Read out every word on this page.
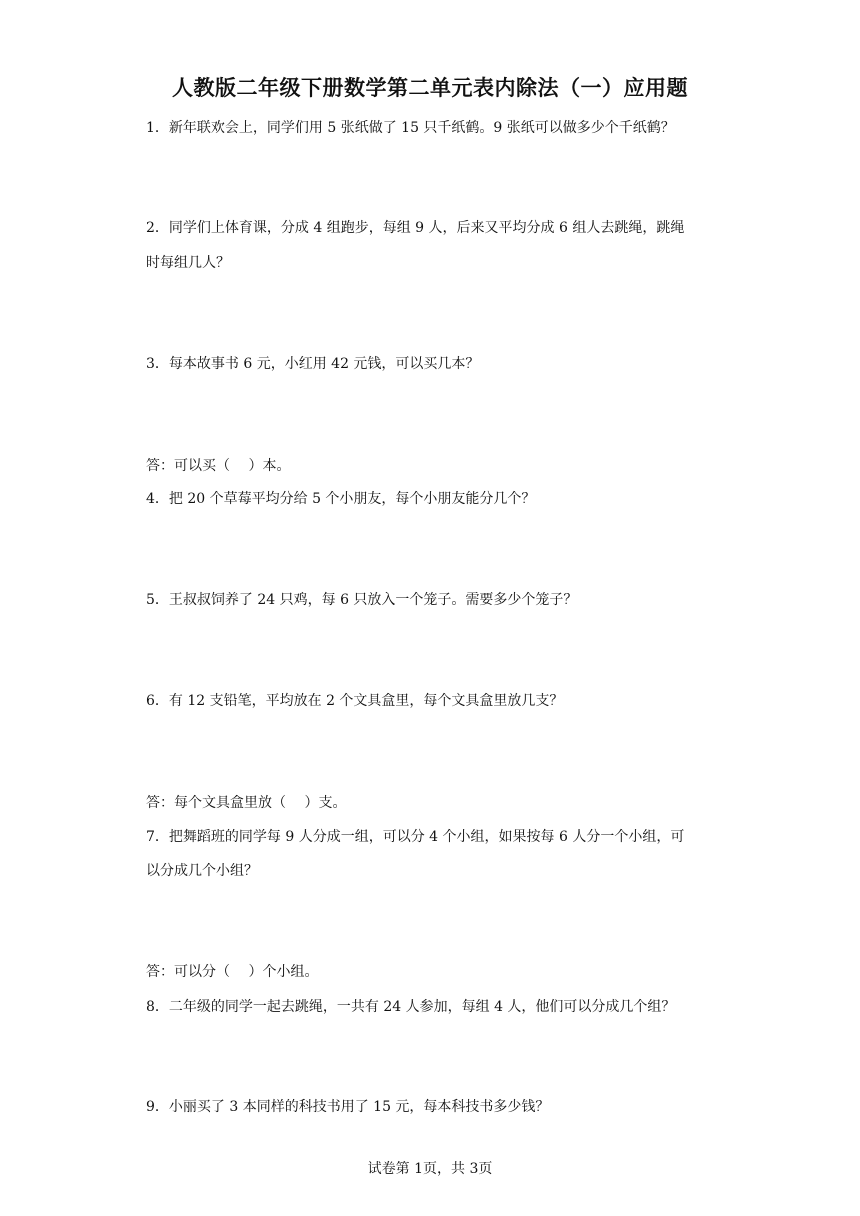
人教版二年级下册数学第二单元表内除法（一）应用题
1．新年联欢会上，同学们用 5 张纸做了 15 只千纸鹤。9 张纸可以做多少个千纸鹤？
2．同学们上体育课，分成 4 组跑步，每组 9 人，后来又平均分成 6 组人去跳绳，跳绳
时每组几人？
3．每本故事书 6 元，小红用 42 元钱，可以买几本？
答：可以买（　 ）本。
4．把 20 个草莓平均分给 5 个小朋友，每个小朋友能分几个？
5．王叔叔饲养了 24 只鸡，每 6 只放入一个笼子。需要多少个笼子？
6．有 12 支铅笔，平均放在 2 个文具盒里，每个文具盒里放几支？
答：每个文具盒里放（　 ）支。
7．把舞蹈班的同学每 9 人分成一组，可以分 4 个小组，如果按每 6 人分一个小组，可
以分成几个小组？
答：可以分（　 ）个小组。
8．二年级的同学一起去跳绳，一共有 24 人参加，每组 4 人，他们可以分成几个组？
9．小丽买了 3 本同样的科技书用了 15 元，每本科技书多少钱？
试卷第 1页，共 3页
